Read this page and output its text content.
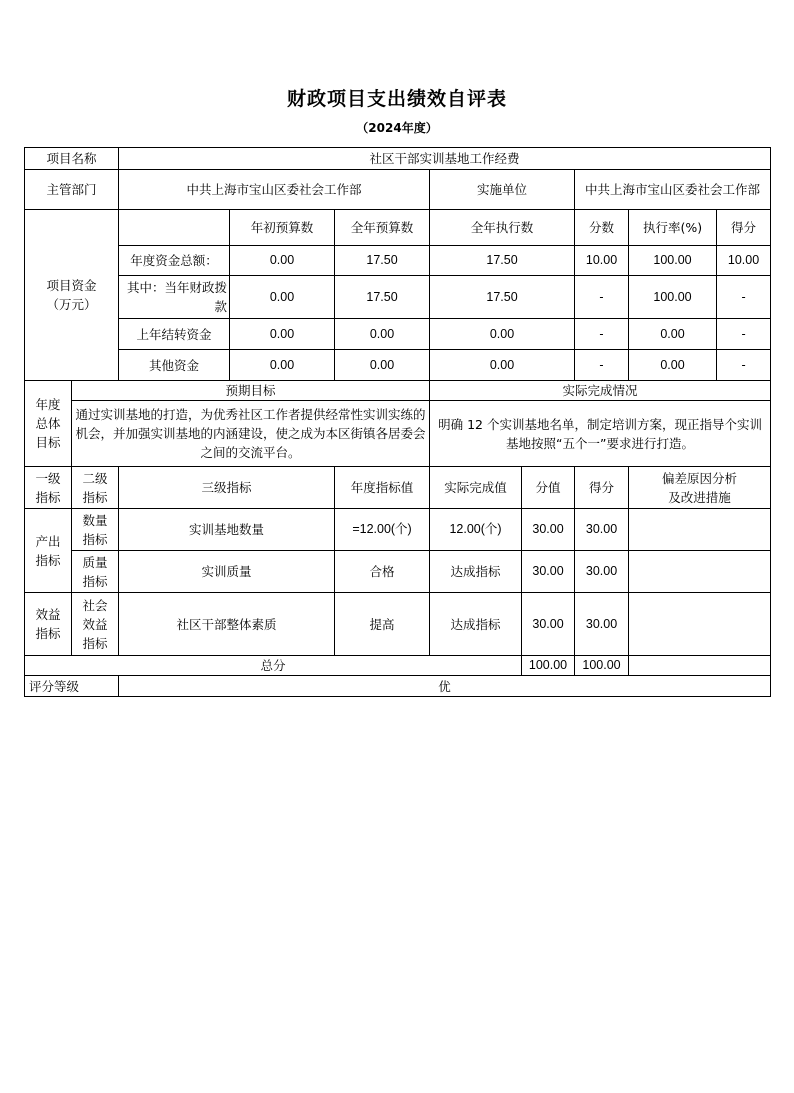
财政项目支出绩效自评表
（2024年度）
项目名称		社区干部实训基地工作经费							
主管部门		中共上海市宝山区委社会工作部			实施单位		中共上海市宝山区委社会工作部		
项目资金
（万元）			年初预算数	全年预算数	全年执行数		分数	执行率(%)	得分
		年度资金总额：	0.00	17.50	17.50		10.00	100.00	10.00
		其中：当年财政拨款	0.00	17.50	17.50		-	100.00	-
		上年结转资金	0.00	0.00	0.00		-	0.00	-
		其他资金	0.00	0.00	0.00		-	0.00	-
年度总体目标	预期目标				实际完成情况				
	通过实训基地的打造，为优秀社区工作者提供经常性实训实练的机会，并加强实训基地的内涵建设，使之成为本区街镇各居委会之间的交流平台。				明确 12 个实训基地名单，制定培训方案，现正指导个实训基地按照“五个一”要求进行打造。				
一级指标	二级指标	三级指标		年度指标值	实际完成值	分值	得分	偏差原因分析
及改进措施	
产出指标	数量指标	实训基地数量		=12.00(个)	12.00(个)	30.00	30.00		
	质量指标	实训质量		合格	达成指标	30.00	30.00		
效益指标	社会效益指标	社区干部整体素质		提高	达成指标	30.00	30.00		
总分						100.00	100.00		
评分等级		优							
